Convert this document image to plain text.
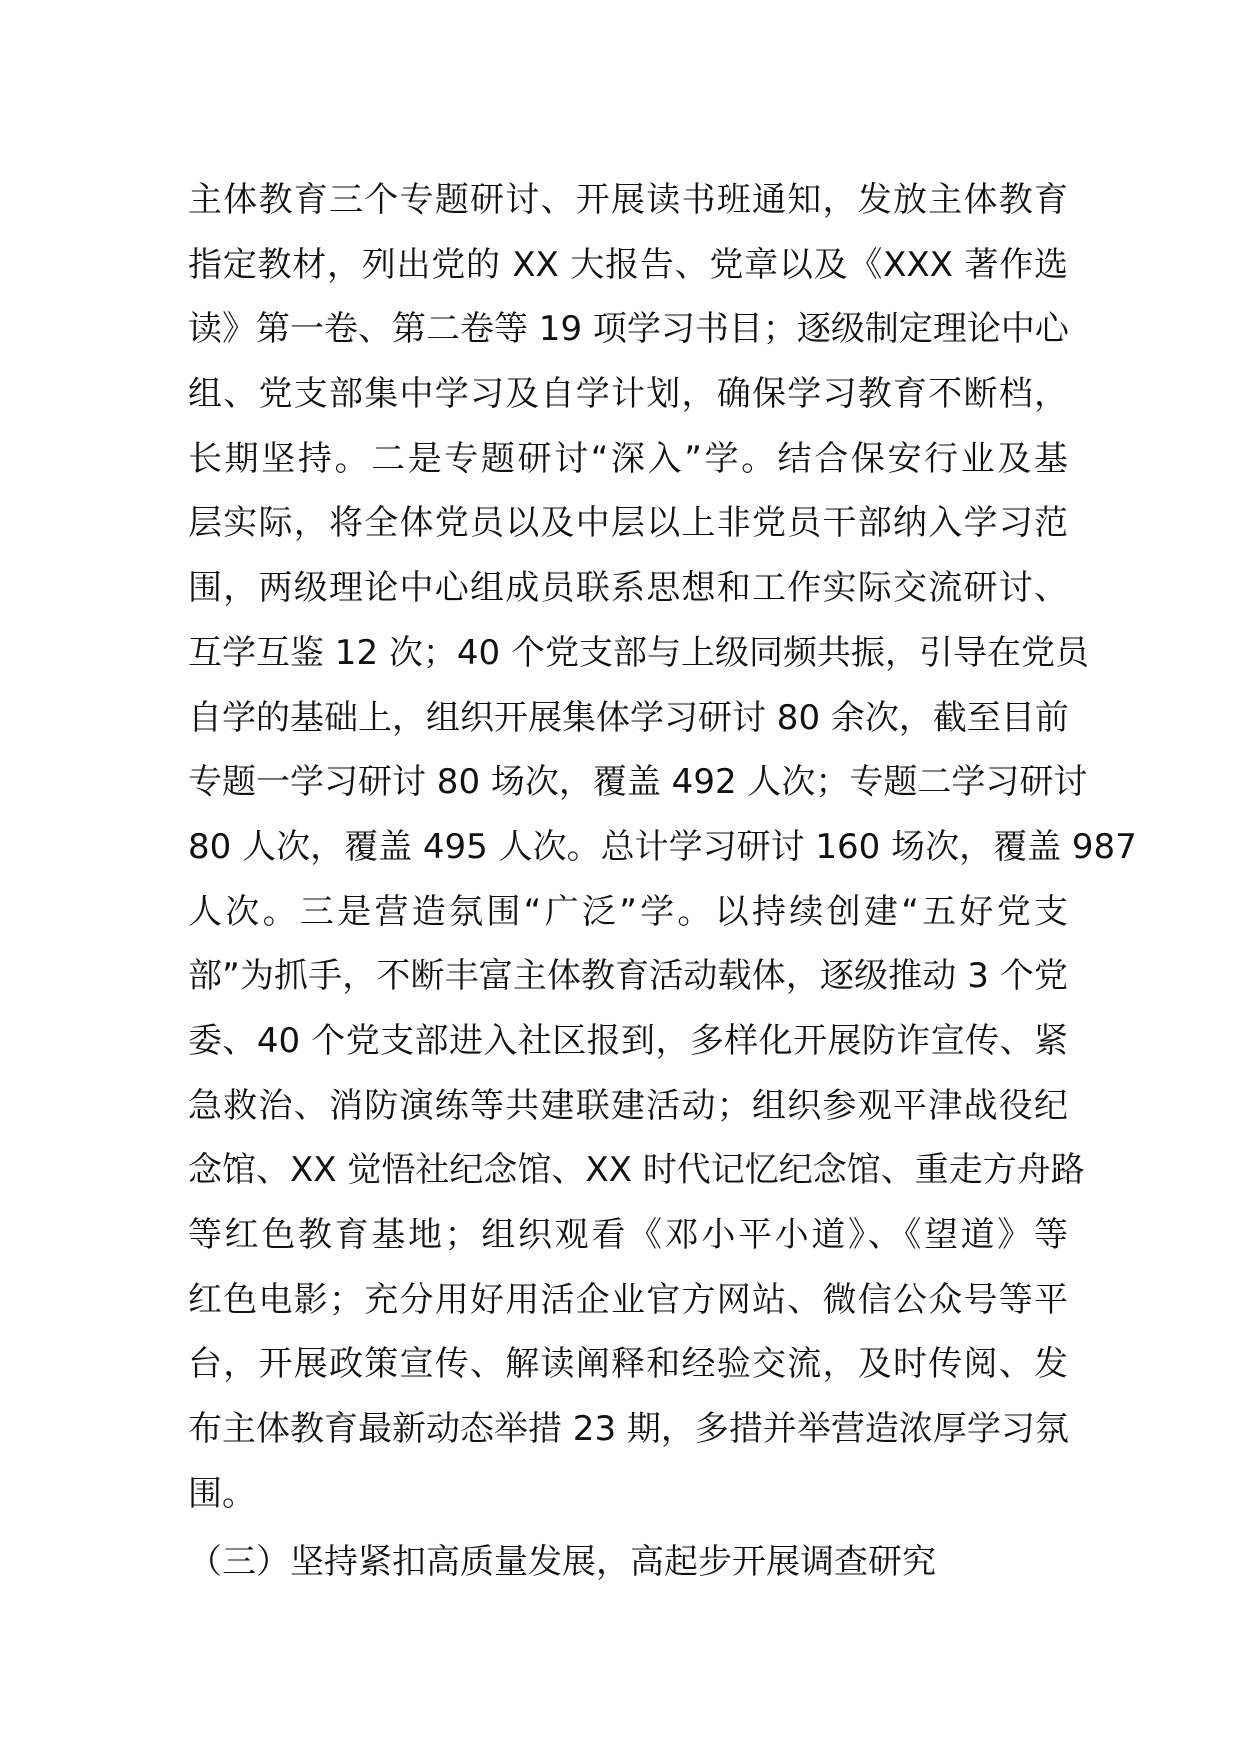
主体教育三个专题研讨、开展读书班通知，发放主体教育
指定教材，列出党的 XX 大报告、党章以及《XXX 著作选
读》第一卷、第二卷等 19 项学习书目；逐级制定理论中心
组、党支部集中学习及自学计划，确保学习教育不断档，
长期坚持。二是专题研讨“深入”学。结合保安行业及基
层实际，将全体党员以及中层以上非党员干部纳入学习范
围，两级理论中心组成员联系思想和工作实际交流研讨、
互学互鉴 12 次；40 个党支部与上级同频共振，引导在党员
自学的基础上，组织开展集体学习研讨 80 余次，截至目前
专题一学习研讨 80 场次，覆盖 492 人次；专题二学习研讨
80 人次，覆盖 495 人次。总计学习研讨 160 场次，覆盖 987
人次。三是营造氛围“广泛”学。以持续创建“五好党支
部”为抓手，不断丰富主体教育活动载体，逐级推动 3 个党
委、40 个党支部进入社区报到，多样化开展防诈宣传、紧
急救治、消防演练等共建联建活动；组织参观平津战役纪
念馆、XX 觉悟社纪念馆、XX 时代记忆纪念馆、重走方舟路
等红色教育基地；组织观看《邓小平小道》、《望道》等
红色电影；充分用好用活企业官方网站、微信公众号等平
台，开展政策宣传、解读阐释和经验交流，及时传阅、发
布主体教育最新动态举措 23 期，多措并举营造浓厚学习氛
围。
（三）坚持紧扣高质量发展，高起步开展调查研究
